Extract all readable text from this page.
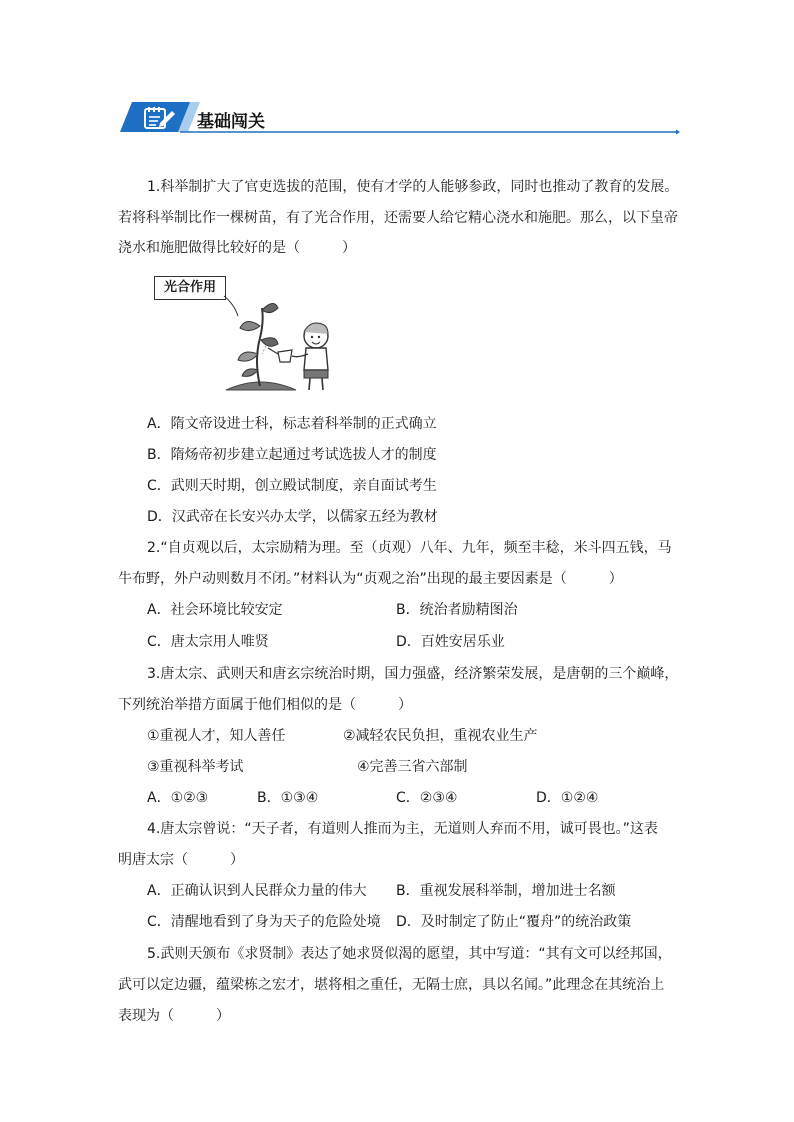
基础闯关
1.科举制扩大了官吏选拔的范围，使有才学的人能够参政，同时也推动了教育的发展。
若将科举制比作一棵树苗，有了光合作用，还需要人给它精心浇水和施肥。那么，以下皇帝
浇水和施肥做得比较好的是（　　　）
光合作用
A．隋文帝设进士科，标志着科举制的正式确立
B．隋炀帝初步建立起通过考试选拔人才的制度
C．武则天时期，创立殿试制度，亲自面试考生
D．汉武帝在长安兴办太学，以儒家五经为教材
2.“自贞观以后，太宗励精为理。至（贞观）八年、九年，频至丰稔，米斗四五钱，马
牛布野，外户动则数月不闭。”材料认为“贞观之治”出现的最主要因素是（　　　）
A．社会环境比较安定	B．统治者励精图治
C．唐太宗用人唯贤	D．百姓安居乐业
3.唐太宗、武则天和唐玄宗统治时期，国力强盛，经济繁荣发展，是唐朝的三个巅峰，
下列统治举措方面属于他们相似的是（　　　）
①重视人才，知人善任	②减轻农民负担，重视农业生产
③重视科举考试	④完善三省六部制
A．①②③	B．①③④	C．②③④	D．①②④
4.唐太宗曾说：“天子者，有道则人推而为主，无道则人弃而不用，诚可畏也。”这表
明唐太宗（　　　）
A．正确认识到人民群众力量的伟大 B．重视发展科举制，增加进士名额
C．清醒地看到了身为天子的危险处境 D．及时制定了防止“覆舟”的统治政策
5.武则天颁布《求贤制》表达了她求贤似渴的愿望，其中写道：“其有文可以经邦国，
武可以定边疆，蕴梁栋之宏才，堪将相之重任，无隔士庶，具以名闻。”此理念在其统治上
表现为（　　　）
